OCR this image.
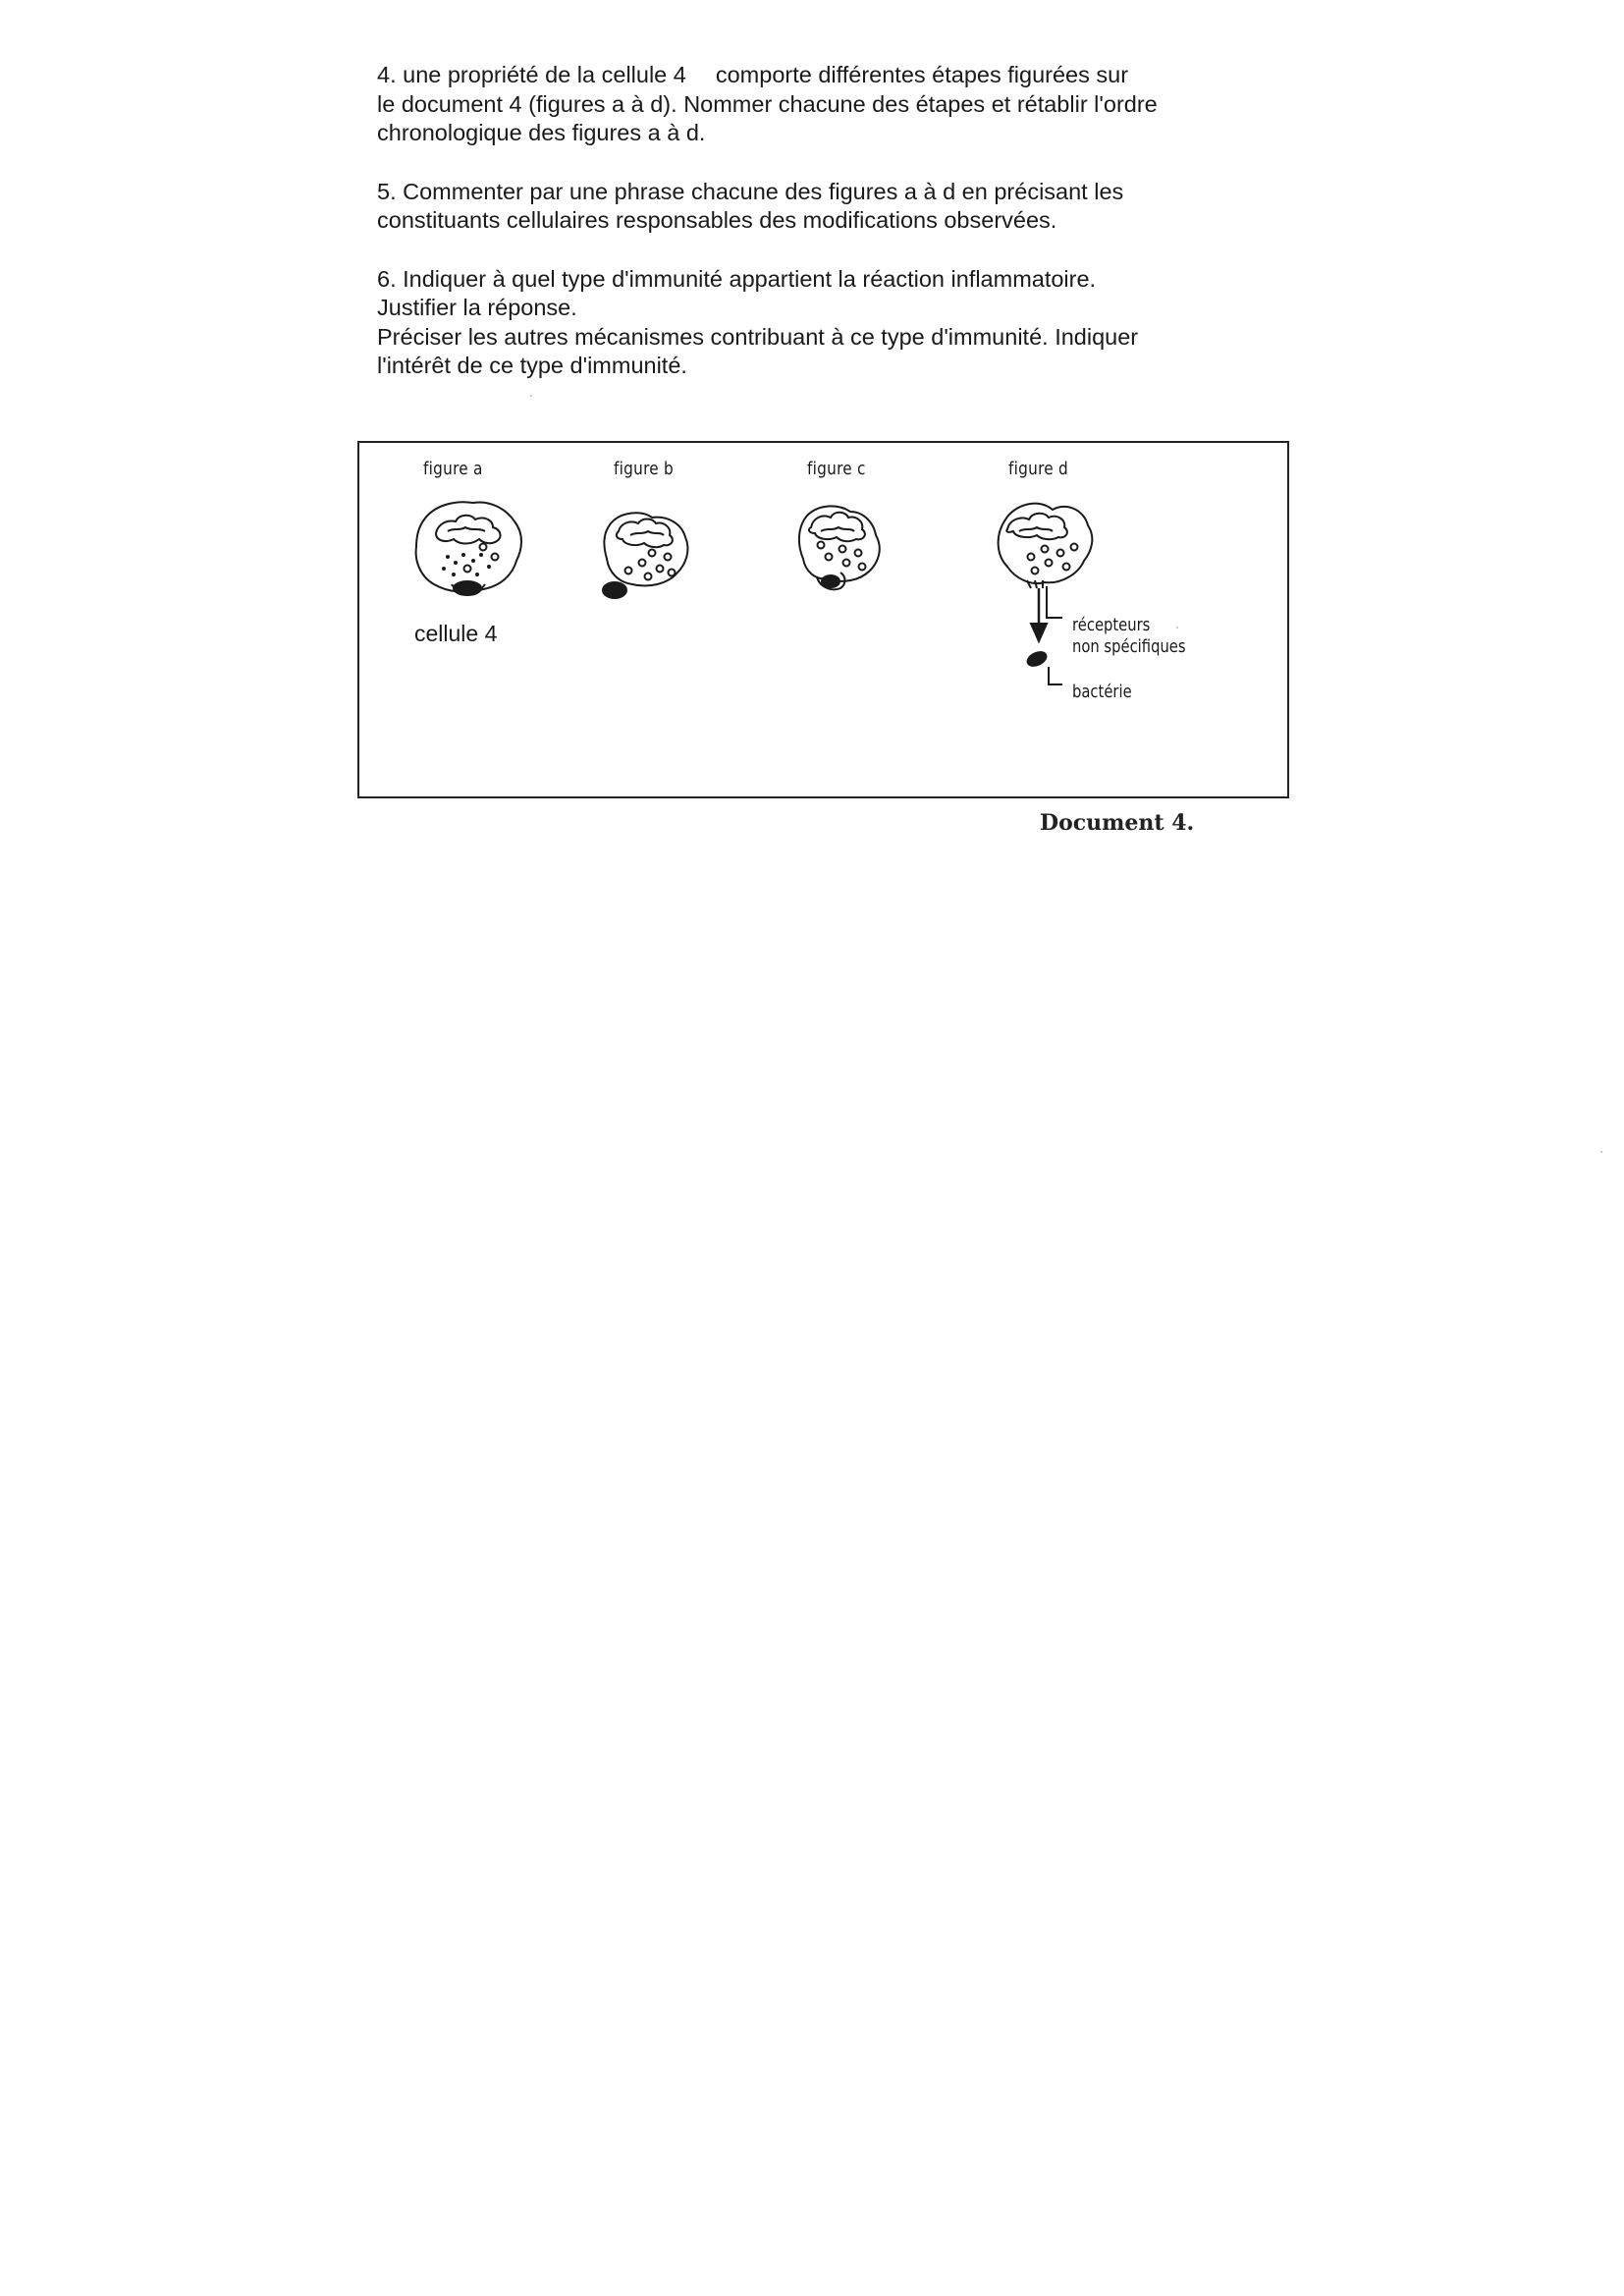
4. une propriété de la cellule 4 comporte différentes étapes figurées sur

le document 4 (figures a à d). Nommer chacune des étapes et rétablir l'ordre

chronologique des figures a à d.

5. Commenter par une phrase chacune des figures a à d en précisant les

constituants cellulaires responsables des modifications observées.

6. Indiquer à quel type d'immunité appartient la réaction inflammatoire.

Justifier la réponse.

Préciser les autres mécanismes contribuant à ce type d'immunité. Indiquer

l'intérêt de ce type d'immunité.

figure a	figure b	figure c	figure d
cellule 4	récepteurs
non spécifiques
bactérie
Document 4.
